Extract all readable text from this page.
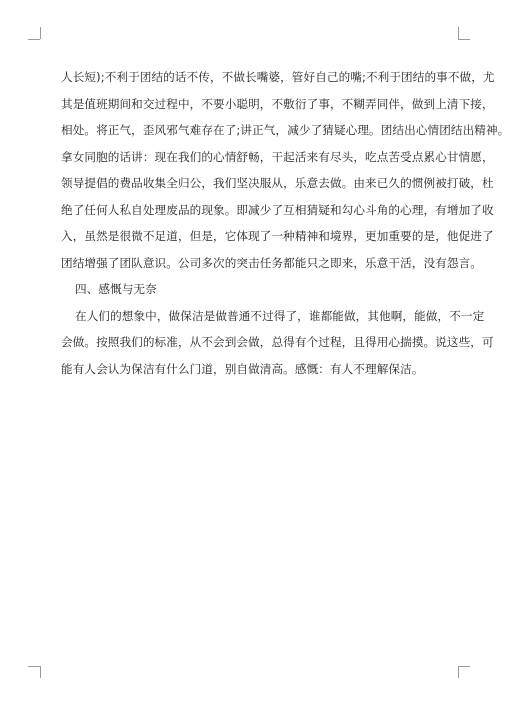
人长短);不利于团结的话不传，不做长嘴婆，管好自己的嘴;不利于团结的事不做，尤
其是值班期间和交过程中，不要小聪明，不敷衍了事，不糊弄同伴，做到上清下接，
相处。将正气，歪风邪气难存在了;讲正气，减少了猜疑心理。团结出心情团结出精神。
拿女同胞的话讲：现在我们的心情舒畅，干起活来有尽头，吃点苦受点累心甘情愿，
领导提倡的费品收集全归公，我们坚决服从，乐意去做。由来已久的惯例被打破，杜
绝了任何人私自处理废品的现象。即减少了互相猜疑和勾心斗角的心理，有增加了收
入，虽然是很微不足道，但是，它体现了一种精神和境界，更加重要的是，他促进了
团结增强了团队意识。公司多次的突击任务都能只之即来，乐意干活，没有怨言。
四、感慨与无奈
在人们的想象中，做保洁是做普通不过得了，谁都能做，其他啊，能做，不一定
会做。按照我们的标准，从不会到会做，总得有个过程，且得用心揣摸。说这些，可
能有人会认为保洁有什么门道，别自做清高。感慨：有人不理解保洁。
